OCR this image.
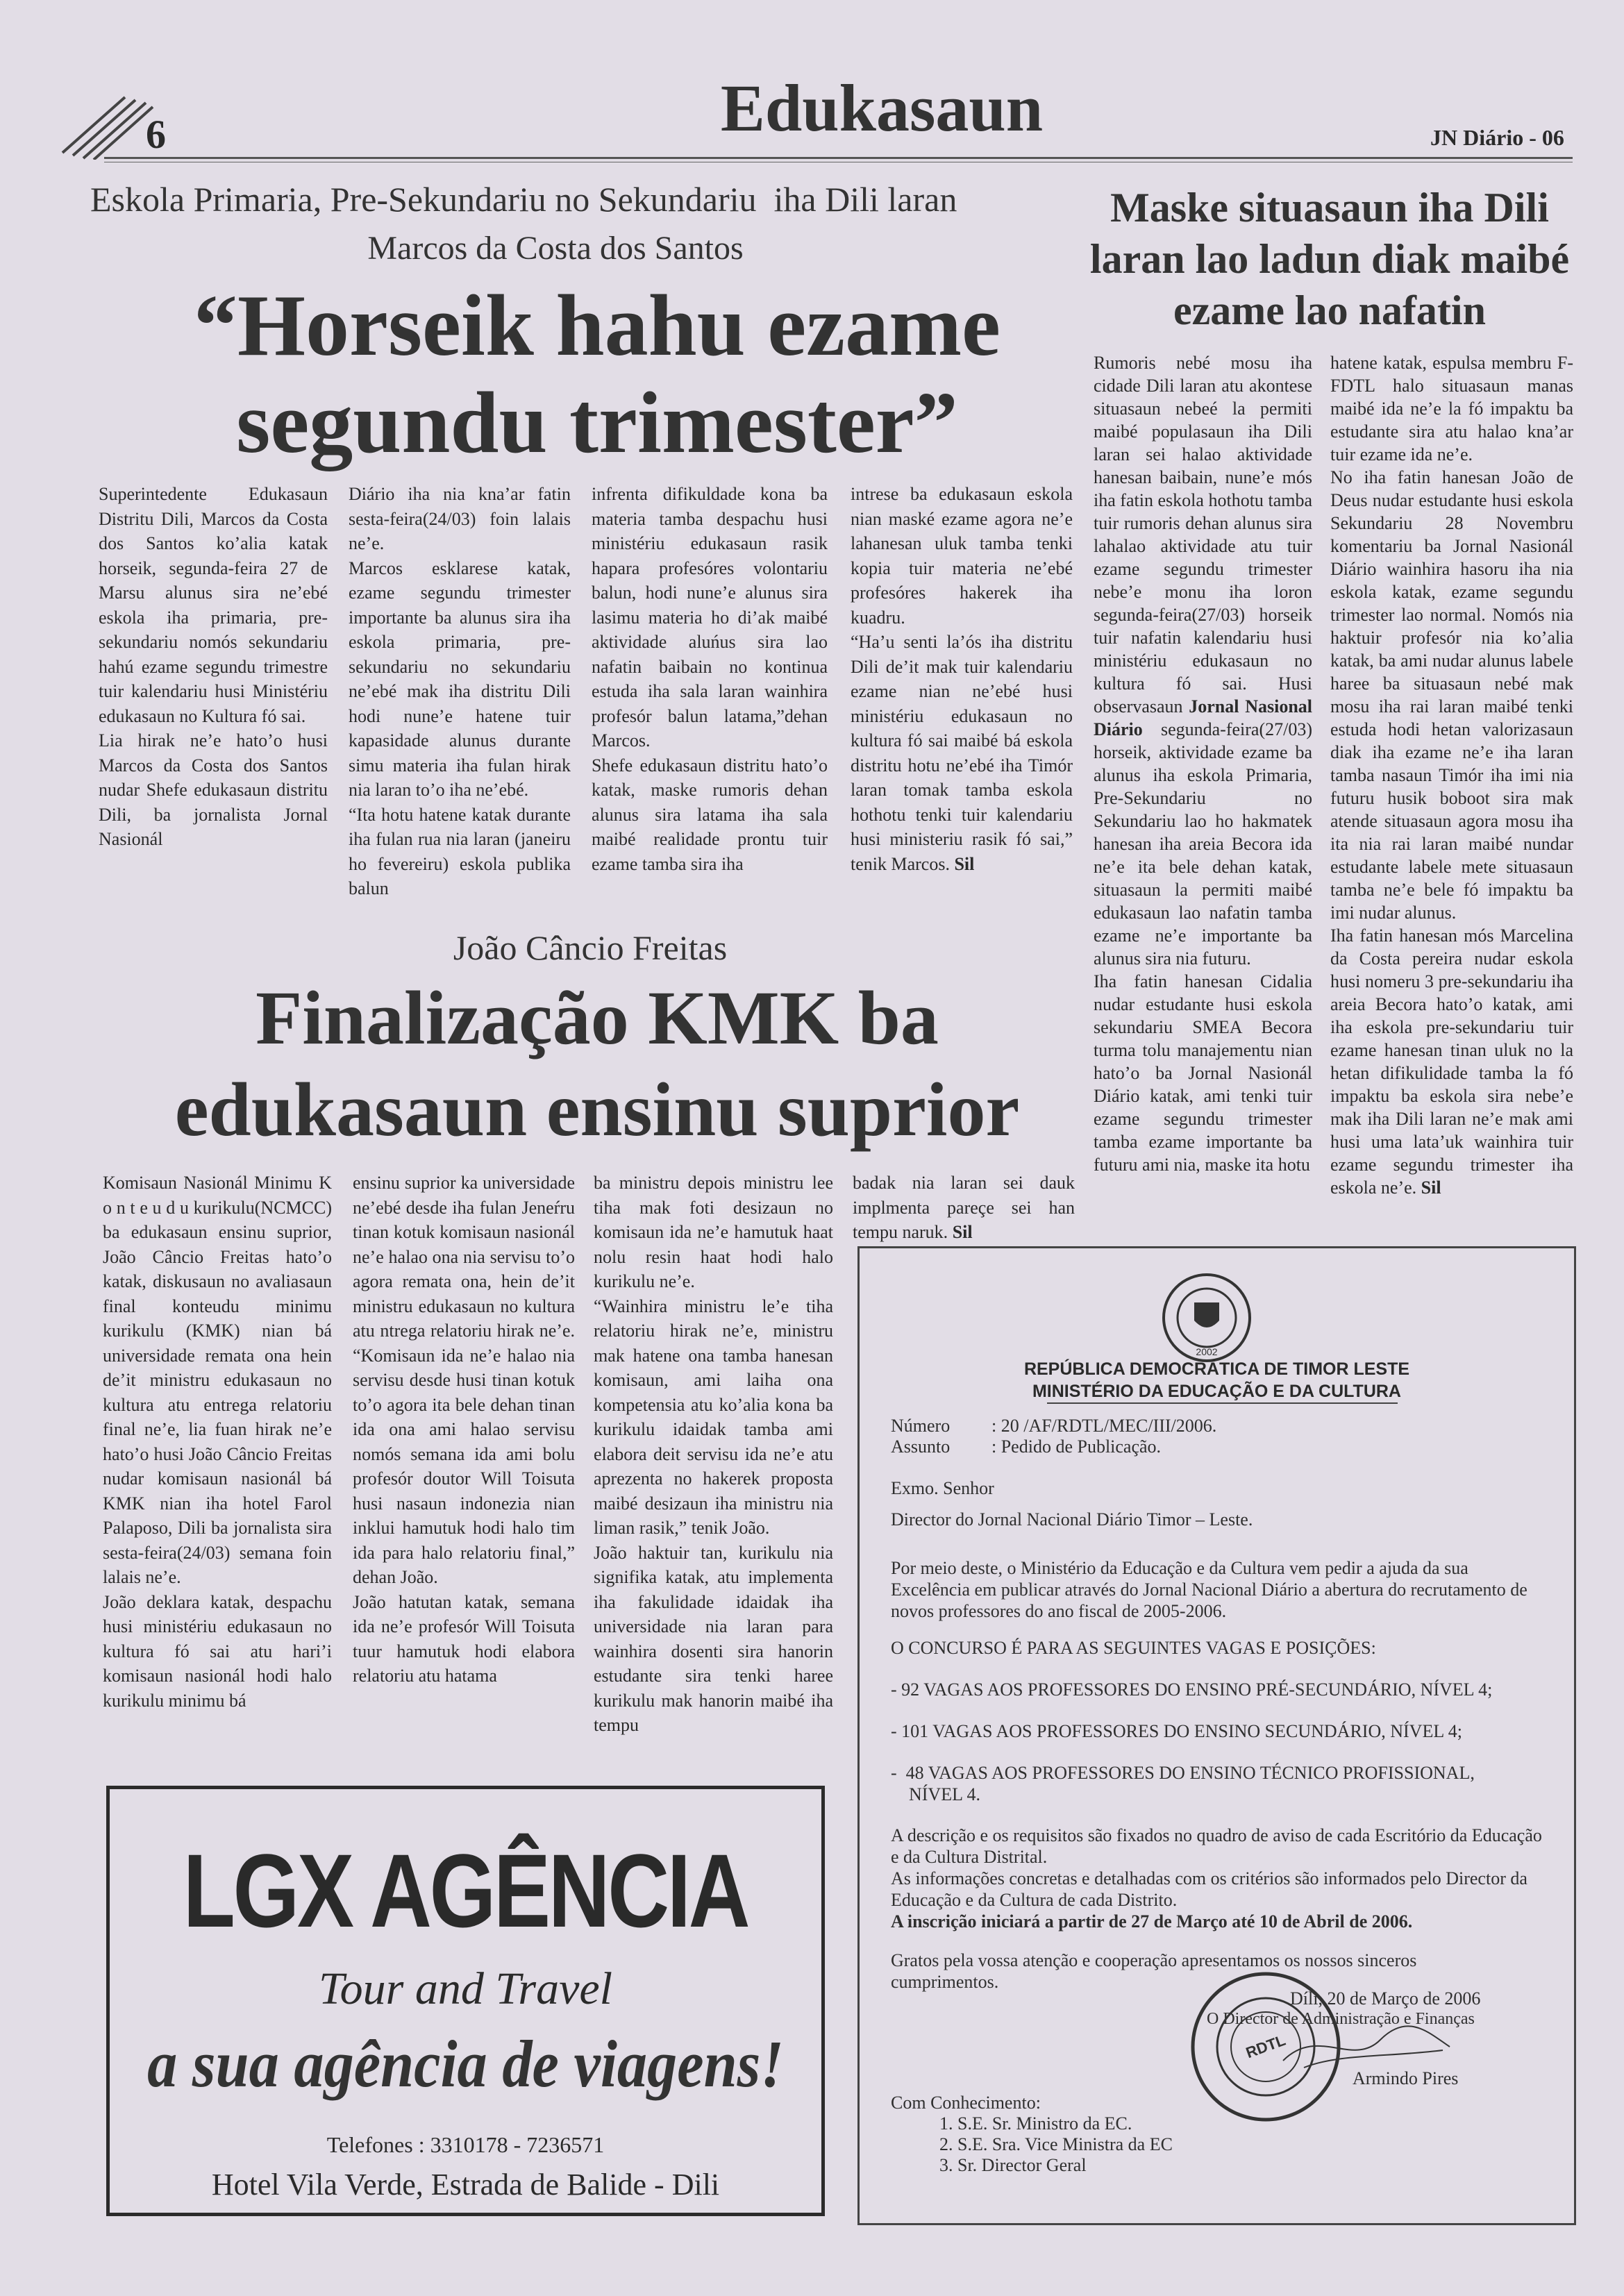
6	Edukasaun	JN Diário - 06
Eskola Primaria, Pre-Sekundariu no Sekundariu  iha Dili laran
Marcos da Costa dos Santos
“Horseik hahu ezame segundu trimester”
Superintedente Edukasaun Distritu Dili, Marcos da Costa dos Santos ko’alia katak horseik, segunda-feira 27 de Marsu alunus sira ne’ebé eskola iha primaria, pre-sekundariu nomós sekundariu hahú ezame segundu trimestre tuir kalendariu husi Ministériu edukasaun no Kultura fó sai.
Lia hirak ne’e hato’o husi Marcos da Costa dos Santos nudar Shefe edukasaun distritu Dili, ba jornalista Jornal Nasionál
Diário iha nia kna’ar fatin sesta-feira(24/03) foin lalais ne’e.
Marcos esklarese katak, ezame segundu trimester importante ba alunus sira iha eskola primaria, pre-sekundariu no sekundariu ne’ebé mak iha distritu Dili hodi nune’e hatene tuir kapasidade alunus durante simu materia iha fulan hirak nia laran to’o iha ne’ebé.
“Ita hotu hatene katak durante iha fulan rua nia laran (janeiru ho fevereiru) eskola publika balun
infrenta difikuldade kona ba materia tamba despachu husi ministériu edukasaun rasik hapara profesóres volontariu balun, hodi nune’e alunus sira lasimu materia ho di’ak maibé aktividade aluńus sira lao nafatin baibain no kontinua estuda iha sala laran wainhira profesór balun latama,”dehan Marcos.
Shefe edukasaun distritu hato’o katak, maske rumoris dehan alunus sira latama iha sala maibé realidade prontu tuir ezame tamba sira iha
intrese ba edukasaun eskola nian maské ezame agora ne’e lahanesan uluk tamba tenki kopia tuir materia ne’ebé profesóres hakerek iha kuadru.
“Ha’u senti la’ós iha distritu Dili de’it mak tuir kalendariu ezame nian ne’ebé husi ministériu edukasaun no kultura fó sai maibé bá eskola distritu hotu ne’ebé iha Timór laran tomak tamba eskola hothotu tenki tuir kalendariu husi ministeriu rasik fó sai,” tenik Marcos. Sil
João Câncio Freitas
Finalização KMK ba edukasaun ensinu suprior
Komisaun Nasionál Minimu K o n t e u d u kurikulu(NCMCC) ba edukasaun ensinu suprior, João Câncio Freitas hato’o katak, diskusaun no avaliasaun final konteudu minimu kurikulu (KMK) nian bá universidade remata ona hein de’it ministru edukasaun no kultura atu entrega relatoriu final ne’e, lia fuan hirak ne’e hato’o husi João Câncio Freitas nudar komisaun nasionál bá KMK nian iha hotel Farol Palaposo, Dili ba jornalista sira sesta-feira(24/03) semana foin lalais ne’e.
João deklara katak, despachu husi ministériu edukasaun no kultura fó sai atu hari’i komisaun nasionál hodi halo kurikulu minimu bá
ensinu suprior ka universidade ne’ebé desde iha fulan Jeneŕru tinan kotuk komisaun nasionál ne’e halao ona nia servisu to’o agora remata ona, hein de’it ministru edukasaun no kultura atu ntrega relatoriu hirak ne’e. “Komisaun ida ne’e halao nia servisu desde husi tinan kotuk to’o agora ita bele dehan tinan ida ona ami halao servisu nomós semana ida ami bolu profesór doutor Will Toisuta husi nasaun indonezia nian inklui hamutuk hodi halo tim ida para halo relatoriu final,” dehan João.
João hatutan katak, semana ida ne’e profesór Will Toisuta tuur hamutuk hodi elabora relatoriu atu hatama
ba ministru depois ministru lee tiha mak foti desizaun no komisaun ida ne’e hamutuk haat nolu resin haat hodi halo kurikulu ne’e.
“Wainhira ministru le’e tiha relatoriu hirak ne’e, ministru mak hatene ona tamba hanesan komisaun, ami laiha ona kompetensia atu ko’alia kona ba kurikulu idaidak tamba ami elabora deit servisu ida ne’e atu aprezenta no hakerek proposta maibé desizaun iha ministru nia liman rasik,” tenik João.
João haktuir tan, kurikulu nia signifika katak, atu implementa iha fakulidade idaidak iha universidade nia laran para wainhira dosenti sira hanorin estudante sira tenki haree kurikulu mak hanorin maibé iha tempu
badak nia laran sei dauk implmenta pareçe sei han tempu naruk. Sil
Maske situasaun iha Dili laran lao ladun diak maibé ezame lao nafatin
Rumoris nebé mosu iha cidade Dili laran atu akontese situasaun nebeé la permiti maibé populasaun iha Dili laran sei halao aktividade hanesan baibain, nune’e mós iha fatin eskola hothotu tamba tuir rumoris dehan alunus sira lahalao aktividade atu tuir ezame segundu trimester nebe’e monu iha loron segunda-feira(27/03) horseik tuir nafatin kalendariu husi ministériu edukasaun no kultura fó sai. Husi observasaun Jornal Nasional Diário segunda-feira(27/03) horseik, aktividade ezame ba alunus iha eskola Primaria, Pre-Sekundariu no Sekundariu lao ho hakmatek hanesan iha areia Becora ida ne’e ita bele dehan katak, situasaun la permiti maibé edukasaun lao nafatin tamba ezame ne’e importante ba alunus sira nia futuru.
Iha fatin hanesan Cidalia nudar estudante husi eskola sekundariu SMEA Becora turma tolu manajementu nian hato’o ba Jornal Nasionál Diário katak, ami tenki tuir ezame segundu trimester tamba ezame importante ba futuru ami nia, maske ita hotu
hatene katak, espulsa membru F-FDTL halo situasaun manas maibé ida ne’e la fó impaktu ba estudante sira atu halao kna’ar tuir ezame ida ne’e.
No iha fatin hanesan João de Deus nudar estudante husi eskola Sekundariu 28 Novembru komentariu ba Jornal Nasionál Diário wainhira hasoru iha nia eskola katak, ezame segundu trimester lao normal. Nomós nia haktuir profesór nia ko’alia katak, ba ami nudar alunus labele haree ba situasaun nebé mak mosu iha rai laran maibé tenki estuda hodi hetan valorizasaun diak iha ezame ne’e iha laran tamba nasaun Timór iha imi nia futuru husik boboot sira mak atende situasaun agora mosu iha ita nia rai laran maibé nundar estudante labele mete situasaun tamba ne’e bele fó impaktu ba imi nudar alunus.
Iha fatin hanesan mós Marcelina da Costa pereira nudar eskola husi nomeru 3 pre-sekundariu iha areia Becora hato’o katak, ami iha eskola pre-sekundariu tuir ezame hanesan tinan uluk no la hetan difikulidade tamba la fó impaktu ba eskola sira nebe’e mak iha Dili laran ne’e mak ami husi uma lata’uk wainhira tuir ezame segundu trimester iha eskola ne’e. Sil
LGX AGÊNCIA
Tour and Travel
a sua agência de viagens!
Telefones : 3310178 - 7236571
Hotel Vila Verde, Estrada de Balide - Dili
2002
REPÚBLICA DEMOCRÁTICA DE TIMOR LESTE
MINISTÉRIO DA EDUCAÇÃO E DA CULTURA
Número : 20 /AF/RDTL/MEC/III/2006.
Assunto : Pedido de Publicação.
Exmo. Senhor
Director do Jornal Nacional Diário Timor – Leste.
Por meio deste, o Ministério da Educação e da Cultura vem pedir a ajuda da sua Excelência em publicar através do Jornal Nacional Diário a abertura do recrutamento de novos professores do ano fiscal de 2005-2006.
O CONCURSO É PARA AS SEGUINTES VAGAS E POSIÇÕES:
- 92 VAGAS AOS PROFESSORES DO ENSINO PRÉ-SECUNDÁRIO, NÍVEL 4;
- 101 VAGAS AOS PROFESSORES DO ENSINO SECUNDÁRIO, NÍVEL 4;
-  48 VAGAS AOS PROFESSORES DO ENSINO TÉCNICO PROFISSIONAL,
NÍVEL 4.
A descrição e os requisitos são fixados no quadro de aviso de cada Escritório da Educação e da Cultura Distrital.
As informações concretas e detalhadas com os critérios são informados pelo Director da Educação e da Cultura de cada Distrito.
A inscrição iniciará a partir de 27 de Março até 10 de Abril de 2006.
Gratos pela vossa atenção e cooperação apresentamos os nossos sinceros cumprimentos.
Díli, 20 de Março de 2006
O Director de Administração e Finanças
Armindo Pires
RDTL
Com Conhecimento:
1. S.E. Sr. Ministro da EC.
2. S.E. Sra. Vice Ministra da EC
3. Sr. Director Geral
